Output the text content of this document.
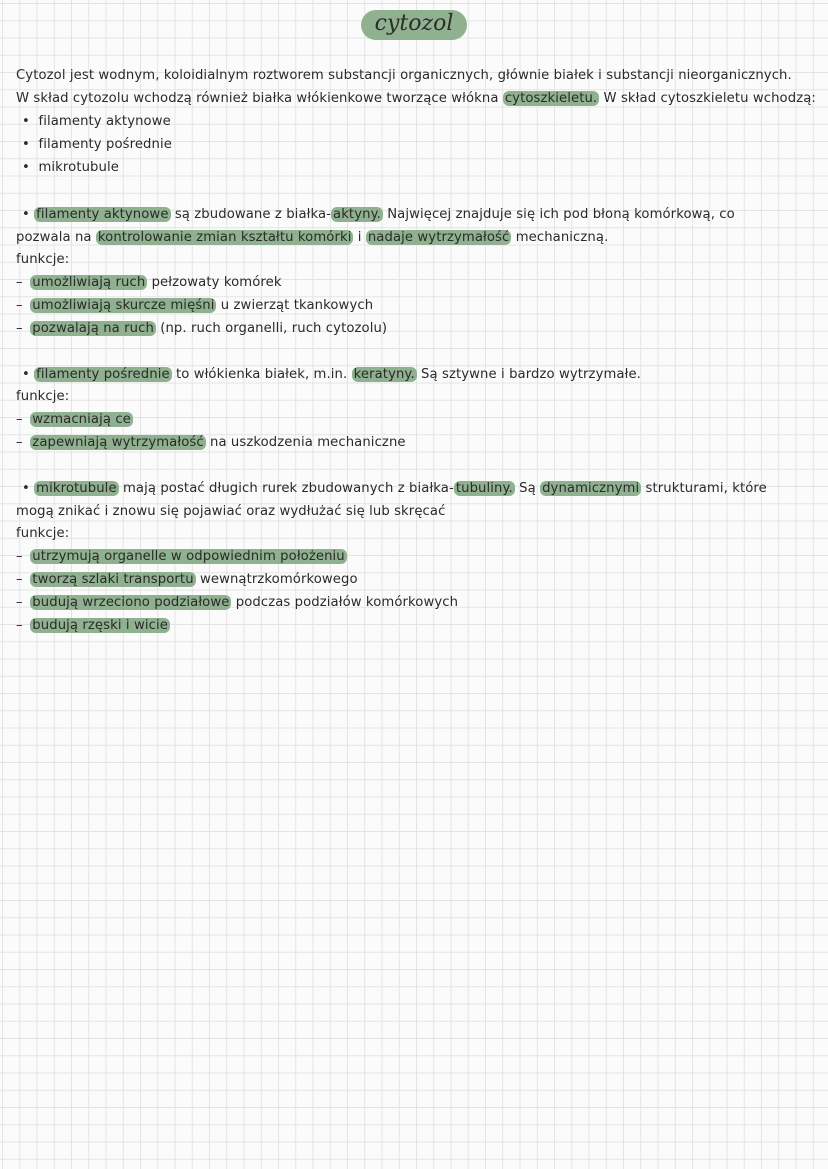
cytozol
Cytozol jest wodnym, koloidialnym roztworem substancji organicznych, głównie białek i substancji nieorganicznych.
W skład cytozolu wchodzą również białka włókienkowe tworzące włókna cytoszkieletu. W skład cytoszkieletu wchodzą:
•  filamenty aktynowe
•  filamenty pośrednie
•  mikrotubule
• filamenty aktynowe są zbudowane z białka- aktyny. Najwięcej znajduje się ich pod błoną komórkową, co
pozwala na kontrolowanie zmian kształtu komórki i nadaje wytrzymałość mechaniczną.
funkcje:
– umożliwiają ruch pełzowaty komórek
– umożliwiają skurcze mięśni u zwierząt tkankowych
– pozwalają na ruch (np. ruch organelli, ruch cytozolu)
• filamenty pośrednie to włókienka białek, m.in. keratyny. Są sztywne i bardzo wytrzymałe.
funkcje:
– wzmacniają ce
– zapewniają wytrzymałość na uszkodzenia mechaniczne
• mikrotubule mają postać długich rurek zbudowanych z białka- tubuliny. Są dynamicznymi strukturami, które
mogą znikać i znowu się pojawiać oraz wydłużać się lub skręcać
funkcje:
– utrzymują organelle w odpowiednim położeniu
– tworzą szlaki transportu wewnątrzkomórkowego
– budują wrzeciono podziałowe podczas podziałów komórkowych
– budują rzęski i wicie
